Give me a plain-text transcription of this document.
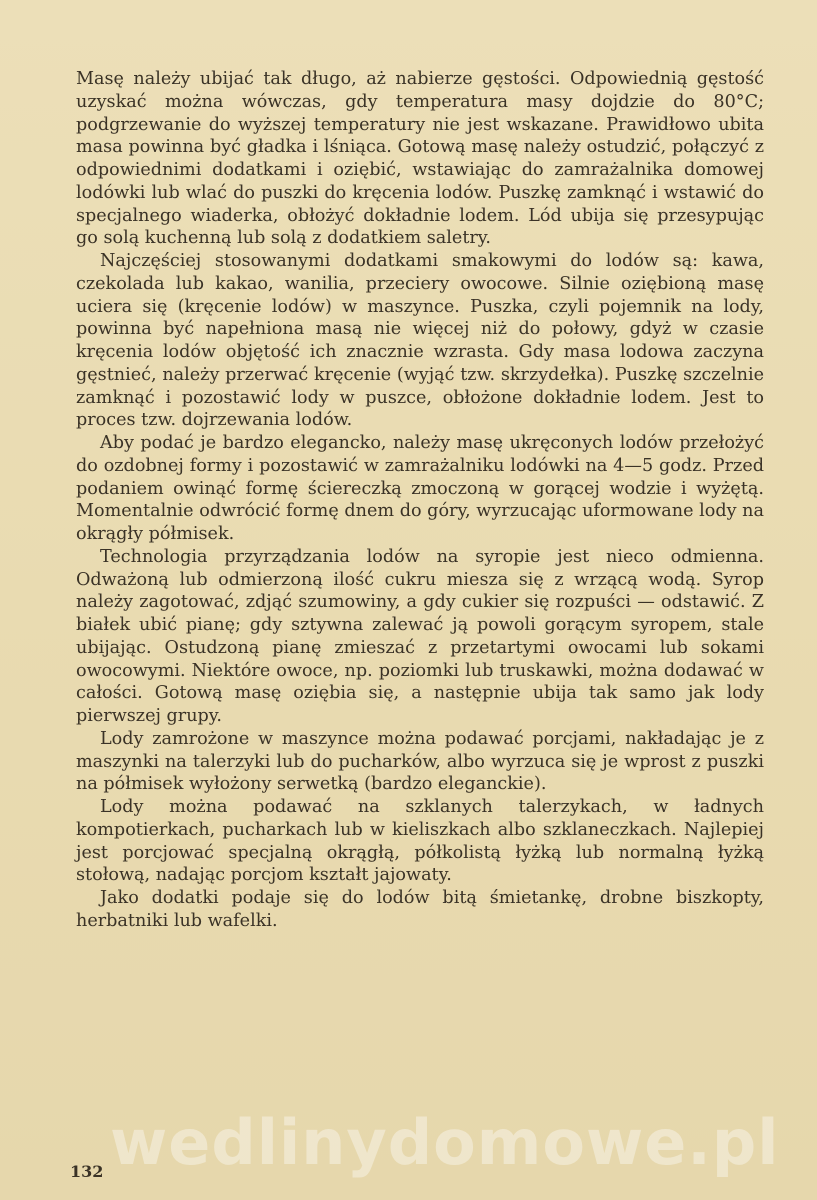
Masę należy ubijać tak długo, aż nabierze gęstości. Odpowiednią gęstość uzyskać można wówczas, gdy temperatura masy dojdzie do 80°C; podgrzewanie do wyższej temperatury nie jest wskazane. Prawidłowo ubita masa powinna być gładka i lśniąca. Gotową masę należy ostudzić, połączyć z odpowiednimi dodatkami i oziębić, wstawiając do zamrażalnika domowej lodówki lub wlać do puszki do kręcenia lodów. Puszkę zamknąć i wstawić do specjalnego wiaderka, obłożyć dokładnie lodem. Lód ubija się przesypując go solą kuchenną lub solą z dodatkiem saletry.

Najczęściej stosowanymi dodatkami smakowymi do lodów są: kawa, czekolada lub kakao, wanilia, przeciery owocowe. Silnie oziębioną masę uciera się (kręcenie lodów) w maszynce. Puszka, czyli pojemnik na lody, powinna być napełniona masą nie więcej niż do połowy, gdyż w czasie kręcenia lodów objętość ich znacznie wzrasta. Gdy masa lodowa zaczyna gęstnieć, należy przerwać kręcenie (wyjąć tzw. skrzydełka). Puszkę szczelnie zamknąć i pozostawić lody w puszce, obłożone dokładnie lodem. Jest to proces tzw. dojrzewania lodów.

Aby podać je bardzo elegancko, należy masę ukręconych lodów przełożyć do ozdobnej formy i pozostawić w zamrażalniku lodówki na 4—5 godz. Przed podaniem owinąć formę ściereczką zmoczoną w gorącej wodzie i wyżętą. Momentalnie odwrócić formę dnem do góry, wyrzucając uformowane lody na okrągły półmisek.

Technologia przyrządzania lodów na syropie jest nieco odmienna. Odważoną lub odmierzoną ilość cukru miesza się z wrzącą wodą. Syrop należy zagotować, zdjąć szumowiny, a gdy cukier się rozpuści — odstawić. Z białek ubić pianę; gdy sztywna zalewać ją powoli gorącym syropem, stale ubijając. Ostudzoną pianę zmieszać z przetartymi owocami lub sokami owocowymi. Niektóre owoce, np. poziomki lub truskawki, można dodawać w całości. Gotową masę oziębia się, a następnie ubija tak samo jak lody pierwszej grupy.

Lody zamrożone w maszynce można podawać porcjami, nakładając je z maszynki na talerzyki lub do pucharków, albo wyrzuca się je wprost z puszki na półmisek wyłożony serwetką (bardzo eleganckie).

Lody można podawać na szklanych talerzykach, w ładnych kompotierkach, pucharkach lub w kieliszkach albo szklaneczkach. Najlepiej jest porcjować specjalną okrągłą, półkolistą łyżką lub normalną łyżką stołową, nadając porcjom kształt jajowaty.

Jako dodatki podaje się do lodów bitą śmietankę, drobne biszkopty, herbatniki lub wafelki.

wedlinydomowe.pl
132
